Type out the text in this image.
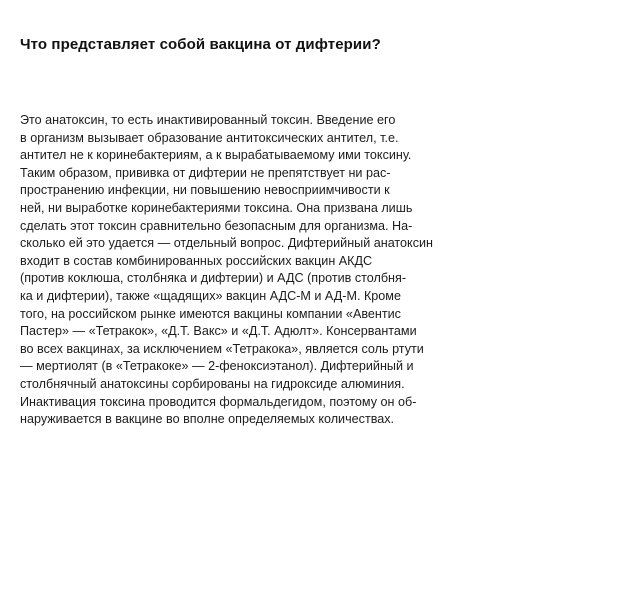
Что представляет собой вакцина от дифтерии?
Это анатоксин, то есть инактивированный токсин. Введение его
в организм вызывает образование антитоксических антител, т.е.
антител не к коринебактериям, а к вырабатываемому ими токсину.
Таким образом, прививка от дифтерии не препятствует ни рас-
пространению инфекции, ни повышению невосприимчивости к
ней, ни выработке коринебактериями токсина. Она призвана лишь
сделать этот токсин сравнительно безопасным для организма. На-
сколько ей это удается — отдельный вопрос. Дифтерийный анатоксин
входит в состав комбинированных российских вакцин АКДС
(против коклюша, столбняка и дифтерии) и АДС (против столбня-
ка и дифтерии), также «щадящих» вакцин АДС-М и АД-М. Кроме
того, на российском рынке имеются вакцины компании «Авентис
Пастер» — «Тетракок», «Д.Т. Вакс» и «Д.Т. Адюлт». Консервантами
во всех вакцинах, за исключением «Тетракока», является соль ртути
— мертиолят (в «Тетракоке» — 2-феноксиэтанол). Дифтерийный и
столбнячный анатоксины сорбированы на гидроксиде алюминия.
Инактивация токсина проводится формальдегидом, поэтому он об-
наруживается в вакцине во вполне определяемых количествах.
